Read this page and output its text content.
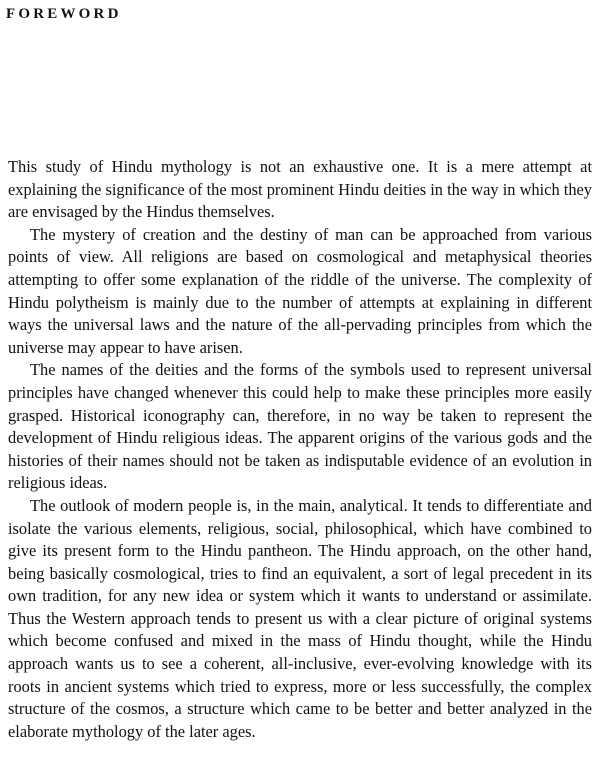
FOREWORD

This study of Hindu mythology is not an exhaustive one. It is a mere attempt at explaining the significance of the most prominent Hindu deities in the way in which they are envisaged by the Hindus themselves.

The mystery of creation and the destiny of man can be approached from various points of view. All religions are based on cosmological and metaphysical theories attempting to offer some explanation of the riddle of the universe. The complexity of Hindu polytheism is mainly due to the number of attempts at explaining in different ways the universal laws and the nature of the all-pervading principles from which the universe may appear to have arisen.

The names of the deities and the forms of the symbols used to represent universal principles have changed whenever this could help to make these principles more easily grasped. Historical iconography can, therefore, in no way be taken to represent the development of Hindu religious ideas. The apparent origins of the various gods and the histories of their names should not be taken as indisputable evidence of an evolution in religious ideas.

The outlook of modern people is, in the main, analytical. It tends to differentiate and isolate the various elements, religious, social, philosophical, which have combined to give its present form to the Hindu pantheon. The Hindu approach, on the other hand, being basically cosmological, tries to find an equivalent, a sort of legal precedent in its own tradition, for any new idea or system which it wants to understand or assimilate. Thus the Western approach tends to present us with a clear picture of original systems which become confused and mixed in the mass of Hindu thought, while the Hindu approach wants us to see a coherent, all-inclusive, ever-evolving knowledge with its roots in ancient systems which tried to express, more or less successfully, the complex structure of the cosmos, a structure which came to be better and better analyzed in the elaborate mythology of the later ages.
